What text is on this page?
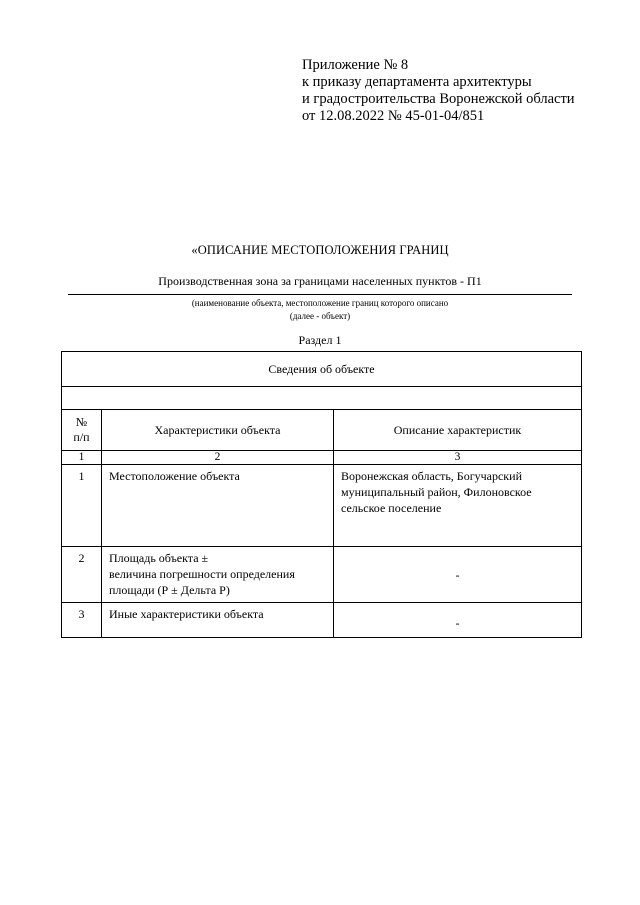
Приложение № 8
к приказу департамента архитектуры
и градостроительства Воронежской области
от 12.08.2022 № 45-01-04/851
«ОПИСАНИЕ МЕСТОПОЛОЖЕНИЯ ГРАНИЦ
Производственная зона за границами населенных пунктов - П1
(наименование объекта, местоположение границ которого описано
(далее - объект)
Раздел 1
Сведения об объекте		

№
п/п	Характеристики объекта	Описание характеристик
1	2	3
1	Местоположение объекта	Воронежская область, Богучарский
муниципальный район, Филоновское
сельское поселение

2	Площадь объекта ±
величина погрешности определения
площади (Р ± Дельта Р)	-
3	Иные характеристики объекта	-
